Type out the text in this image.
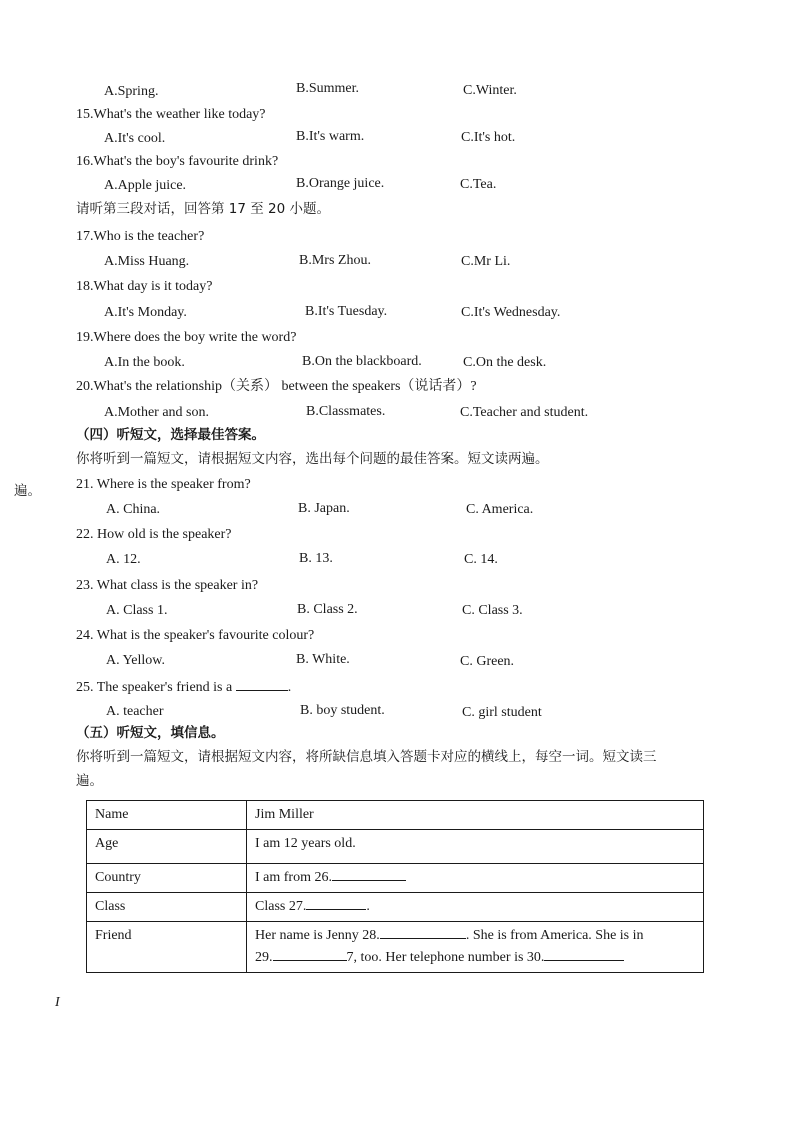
A.Spring.	B.Summer.	C.Winter.
15.What's the weather like today?
A.It's cool.	B.It's warm.	C.It's hot.
16.What's the boy's favourite drink?
A.Apple juice.	B.Orange juice.	C.Tea.
请听第三段对话，回答第 17 至 20 小题。
17.Who is the teacher?
A.Miss Huang.	B.Mrs Zhou.	C.Mr Li.
18.What day is it today?
A.It's Monday.	B.It's Tuesday.	C.It's Wednesday.
19.Where does the boy write the word?
A.In the book.	B.On the blackboard.	C.On the desk.
20.What's the relationship（关系） between the speakers（说话者）?
A.Mother and son.	B.Classmates.	C.Teacher and student.
（四）听短文，选择最佳答案。
你将听到一篇短文，请根据短文内容，选出每个问题的最佳答案。短文读两遍。
遍。	21. Where is the speaker from?
A. China.	B. Japan.	C. America.
22. How old is the speaker?
A. 12.	B. 13.	C. 14.
23. What class is the speaker in?
A. Class 1.	B. Class 2.	C. Class 3.
24. What is the speaker's favourite colour?
A. Yellow.	B. White.	C. Green.
25. The speaker's friend is a	.
A. teacher	B. boy student.	C. girl student
（五）听短文，填信息。
你将听到一篇短文，请根据短文内容，将所缺信息填入答题卡对应的横线上，每空一词。短文读三
遍。
Name	Jim Miller
Age	I am 12 years old.
Country	I am from 26.
Class	Class 27. .
Friend	Her name is Jenny 28. . She is from America. She is in
29. 7, too. Her telephone number is 30.
I
